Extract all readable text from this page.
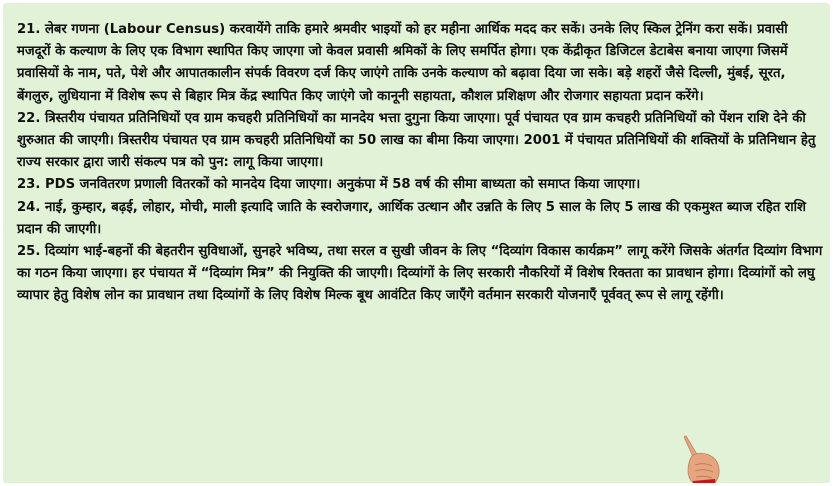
21. लेबर गणना (Labour Census) करवायेंगे ताकि हमारे श्रमवीर भाइयों को हर महीना आर्थिक मदद कर सकें। उनके लिए स्किल ट्रेनिंग करा सकें। प्रवासी मजदूरों के कल्याण के लिए एक विभाग स्थापित किए जाएगा जो केवल प्रवासी श्रमिकों के लिए समर्पित होगा। एक केंद्रीकृत डिजिटल डेटाबेस बनाया जाएगा जिसमें प्रवासियों के नाम, पते, पेशे और आपातकालीन संपर्क विवरण दर्ज किए जाएंगे ताकि उनके कल्याण को बढ़ावा दिया जा सके। बड़े शहरों जैसे दिल्ली, मुंबई, सूरत, बेंगलुरु, लुधियाना में विशेष रूप से बिहार मित्र केंद्र स्थापित किए जाएंगे जो कानूनी सहायता, कौशल प्रशिक्षण और रोजगार सहायता प्रदान करेंगे।

22. त्रिस्तरीय पंचायत प्रतिनिधियों एव ग्राम कचहरी प्रतिनिधियों का मानदेय भत्ता दुगुना किया जाएगा। पूर्व पंचायत एव ग्राम कचहरी प्रतिनिधियों को पेंशन राशि देने की शुरुआत की जाएगी। त्रिस्तरीय पंचायत एव ग्राम कचहरी प्रतिनिधियों का 50 लाख का बीमा किया जाएगा। 2001 में पंचायत प्रतिनिधियों की शक्तियों के प्रतिनिधान हेतु राज्य सरकार द्वारा जारी संकल्प पत्र को पुन: लागू किया जाएगा।

23. PDS जनवितरण प्रणाली वितरकों को मानदेय दिया जाएगा। अनुकंपा में 58 वर्ष की सीमा बाध्यता को समाप्त किया जाएगा।

24. नाई, कुम्हार, बढ़ई, लोहार, मोची, माली इत्यादि जाति के स्वरोजगार, आर्थिक उत्थान और उन्नति के लिए 5 साल के लिए 5 लाख की एकमुश्त ब्याज रहित राशि प्रदान की जाएगी।

25. दिव्यांग भाई-बहनों की बेहतरीन सुविधाओं, सुनहरे भविष्य, तथा सरल व सुखी जीवन के लिए “दिव्यांग विकास कार्यक्रम” लागू करेंगे जिसके अंतर्गत दिव्यांग विभाग का गठन किया जाएगा। हर पंचायत में “दिव्यांग मित्र” की नियुक्ति की जाएगी। दिव्यांगों के लिए सरकारी नौकरियों में विशेष रिक्तता का प्रावधान होगा। दिव्यांगों को लघु व्यापार हेतु विशेष लोन का प्रावधान तथा दिव्यांगों के लिए विशेष मिल्क बूथ आवंटित किए जाएँगे वर्तमान सरकारी योजनाएँ पूर्ववत् रूप से लागू रहेंगी।
